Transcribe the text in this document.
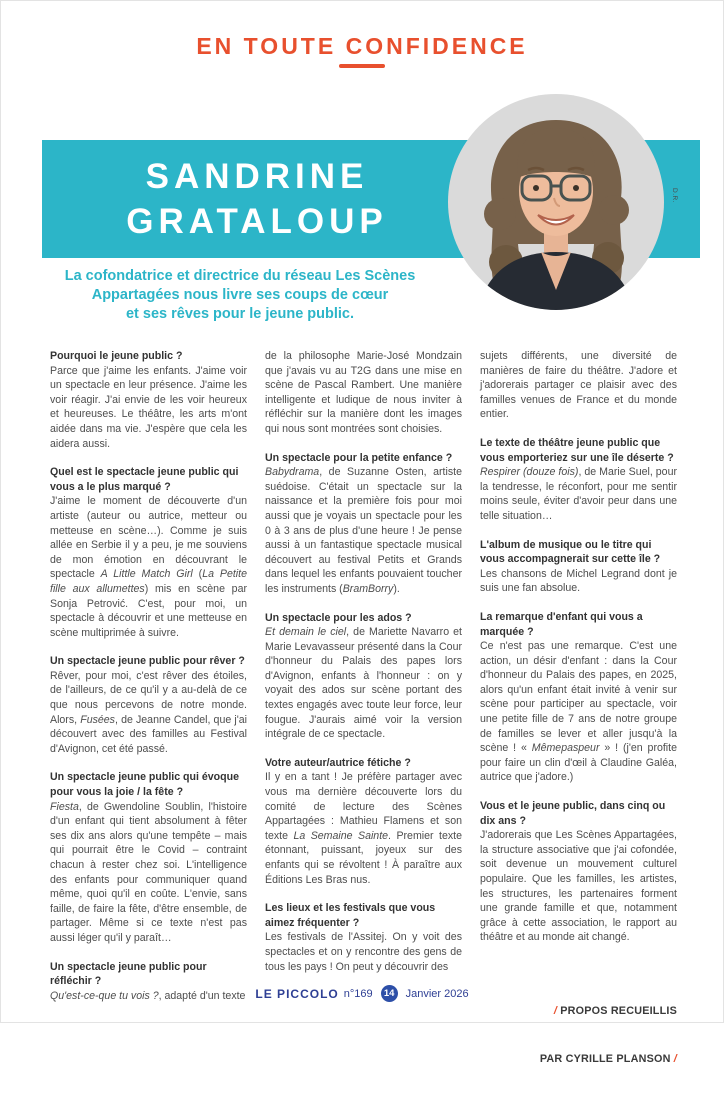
EN TOUTE CONFIDENCE
SANDRINE
GRATALOUP
D.R.
La cofondatrice et directrice du réseau Les Scènes
Appartagées nous livre ses coups de cœur
et ses rêves pour le jeune public.
Pourquoi le jeune public ?
Parce que j'aime les enfants. J'aime voir un spectacle en leur présence. J'aime les voir réagir. J'ai envie de les voir heureux et heureuses. Le théâtre, les arts m'ont aidée dans ma vie. J'espère que cela les aidera aussi.
Quel est le spectacle jeune public qui vous a le plus marqué ?
J'aime le moment de découverte d'un artiste (auteur ou autrice, metteur ou metteuse en scène…). Comme je suis allée en Serbie il y a peu, je me souviens de mon émotion en découvrant le spectacle A Little Match Girl (La Petite fille aux allumettes) mis en scène par Sonja Petrović. C'est, pour moi, un spectacle à découvrir et une metteuse en scène multiprimée à suivre.
Un spectacle jeune public pour rêver ?
Rêver, pour moi, c'est rêver des étoiles, de l'ailleurs, de ce qu'il y a au-delà de ce que nous percevons de notre monde. Alors, Fusées, de Jeanne Candel, que j'ai découvert avec des familles au Festival d'Avignon, cet été passé.
Un spectacle jeune public qui évoque pour vous la joie / la fête ?
Fiesta, de Gwendoline Soublin, l'histoire d'un enfant qui tient absolument à fêter ses dix ans alors qu'une tempête – mais qui pourrait être le Covid – contraint chacun à rester chez soi. L'intelligence des enfants pour communiquer quand même, quoi qu'il en coûte. L'envie, sans faille, de faire la fête, d'être ensemble, de partager. Même si ce texte n'est pas aussi léger qu'il y paraît…
Un spectacle jeune public pour réfléchir ?
Qu'est-ce-que tu vois ?, adapté d'un texte
de la philosophe Marie-José Mondzain que j'avais vu au T2G dans une mise en scène de Pascal Rambert. Une manière intelligente et ludique de nous inviter à réfléchir sur la manière dont les images qui nous sont montrées sont choisies.
Un spectacle pour la petite enfance ?
Babydrama, de Suzanne Osten, artiste suédoise. C'était un spectacle sur la naissance et la première fois pour moi aussi que je voyais un spectacle pour les 0 à 3 ans de plus d'une heure ! Je pense aussi à un fantastique spectacle musical découvert au festival Petits et Grands dans lequel les enfants pouvaient toucher les instruments (BramBorry).
Un spectacle pour les ados ?
Et demain le ciel, de Mariette Navarro et Marie Levavasseur présenté dans la Cour d'honneur du Palais des papes lors d'Avignon, enfants à l'honneur : on y voyait des ados sur scène portant des textes engagés avec toute leur force, leur fougue. J'aurais aimé voir la version intégrale de ce spectacle.
Votre auteur/autrice fétiche ?
Il y en a tant ! Je préfère partager avec vous ma dernière découverte lors du comité de lecture des Scènes Appartagées : Mathieu Flamens et son texte La Semaine Sainte. Premier texte étonnant, puissant, joyeux sur des enfants qui se révoltent ! À paraître aux Éditions Les Bras nus.
Les lieux et les festivals que vous aimez fréquenter ?
Les festivals de l'Assitej. On y voit des spectacles et on y rencontre des gens de tous les pays ! On peut y découvrir des
sujets différents, une diversité de manières de faire du théâtre. J'adore et j'adorerais partager ce plaisir avec des familles venues de France et du monde entier.
Le texte de théâtre jeune public que vous emporteriez sur une île déserte ?
Respirer (douze fois), de Marie Suel, pour la tendresse, le réconfort, pour me sentir moins seule, éviter d'avoir peur dans une telle situation…
L'album de musique ou le titre qui vous accompagnerait sur cette île ?
Les chansons de Michel Legrand dont je suis une fan absolue.
La remarque d'enfant qui vous a marquée ?
Ce n'est pas une remarque. C'est une action, un désir d'enfant : dans la Cour d'honneur du Palais des papes, en 2025, alors qu'un enfant était invité à venir sur scène pour participer au spectacle, voir une petite fille de 7 ans de notre groupe de familles se lever et aller jusqu'à la scène ! « Mêmepaspeur » ! (j'en profite pour faire un clin d'œil à Claudine Galéa, autrice que j'adore.)
Vous et le jeune public, dans cinq ou dix ans ?
J'adorerais que Les Scènes Appartagées, la structure associative que j'ai cofondée, soit devenue un mouvement culturel populaire. Que les familles, les artistes, les structures, les partenaires forment une grande famille et que, notamment grâce à cette association, le rapport au théâtre et au monde ait changé.

/ PROPOS RECUEILLIS

PAR CYRILLE PLANSON /

LE PICCOLO n°169	14 Janvier 2026
